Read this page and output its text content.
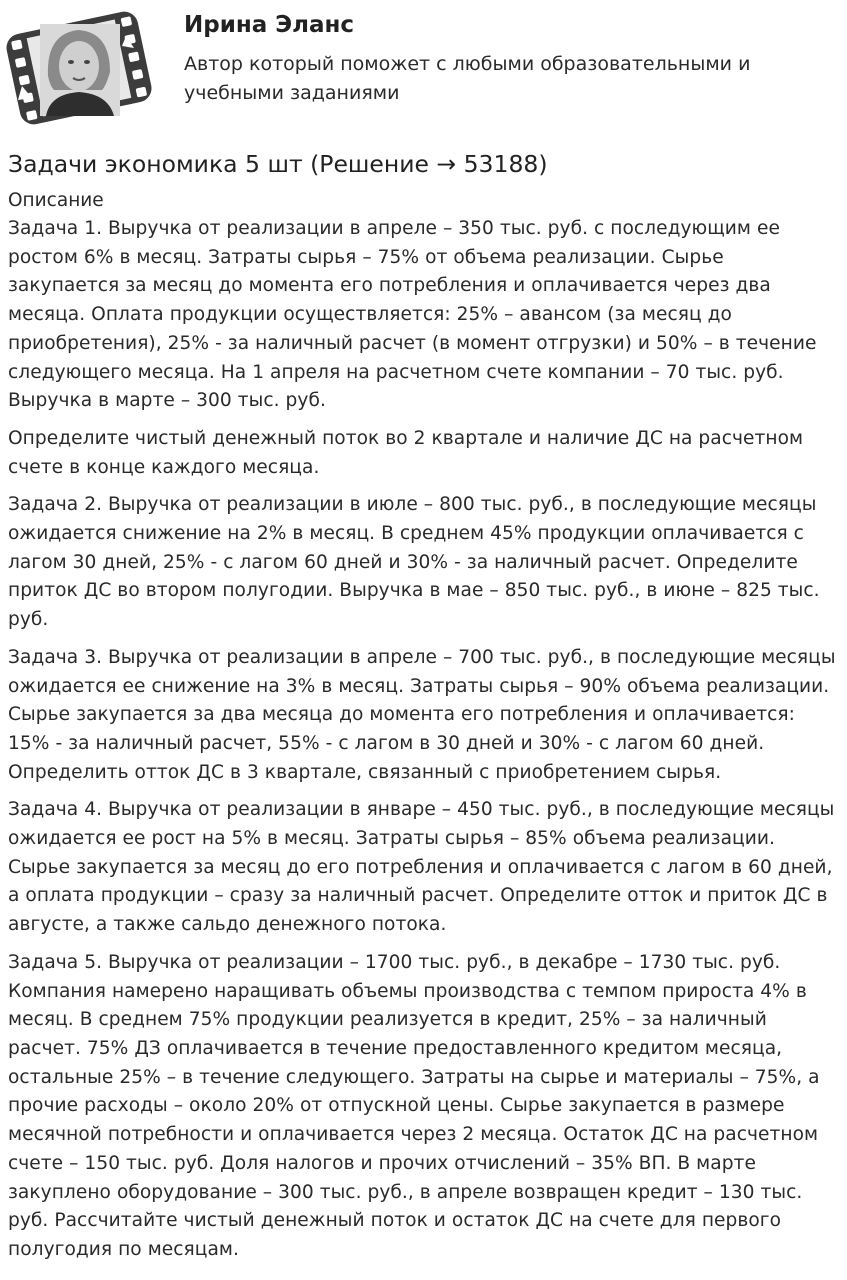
Ирина Эланс

Автор который поможет с любыми образовательными и учебными заданиями

Задачи экономика 5 шт (Решение → 53188)

Описание

Задача 1. Выручка от реализации в апреле – 350 тыс. руб. с последующим ее ростом 6% в месяц. Затраты сырья – 75% от объема реализации. Сырье закупается за месяц до момента его потребления и оплачивается через два месяца. Оплата продукции осуществляется: 25% – авансом (за месяц до приобретения), 25% - за наличный расчет (в момент отгрузки) и 50% – в течение следующего месяца. На 1 апреля на расчетном счете компании – 70 тыс. руб. Выручка в марте – 300 тыс. руб.

Определите чистый денежный поток во 2 квартале и наличие ДС на расчетном счете в конце каждого месяца.

Задача 2. Выручка от реализации в июле – 800 тыс. руб., в последующие месяцы ожидается снижение на 2% в месяц. В среднем 45% продукции оплачивается с лагом 30 дней, 25% - с лагом 60 дней и 30% - за наличный расчет. Определите приток ДС во втором полугодии. Выручка в мае – 850 тыс. руб., в июне – 825 тыс. руб.

Задача 3. Выручка от реализации в апреле – 700 тыс. руб., в последующие месяцы ожидается ее снижение на 3% в месяц. Затраты сырья – 90% объема реализации. Сырье закупается за два месяца до момента его потребления и оплачивается: 15% - за наличный расчет, 55% - с лагом в 30 дней и 30% - с лагом 60 дней. Определить отток ДС в 3 квартале, связанный с приобретением сырья.

Задача 4. Выручка от реализации в январе – 450 тыс. руб., в последующие месяцы ожидается ее рост на 5% в месяц. Затраты сырья – 85% объема реализации. Сырье закупается за месяц до его потребления и оплачивается с лагом в 60 дней, а оплата продукции – сразу за наличный расчет. Определите отток и приток ДС в августе, а также сальдо денежного потока.

Задача 5. Выручка от реализации – 1700 тыс. руб., в декабре – 1730 тыс. руб. Компания намерено наращивать объемы производства с темпом прироста 4% в месяц. В среднем 75% продукции реализуется в кредит, 25% – за наличный расчет. 75% ДЗ оплачивается в течение предоставленного кредитом месяца, остальные 25% – в течение следующего. Затраты на сырье и материалы – 75%, а прочие расходы – около 20% от отпускной цены. Сырье закупается в размере месячной потребности и оплачивается через 2 месяца. Остаток ДС на расчетном счете – 150 тыс. руб. Доля налогов и прочих отчислений – 35% ВП. В марте закуплено оборудование – 300 тыс. руб., в апреле возвращен кредит – 130 тыс. руб. Рассчитайте чистый денежный поток и остаток ДС на счете для первого полугодия по месяцам.
